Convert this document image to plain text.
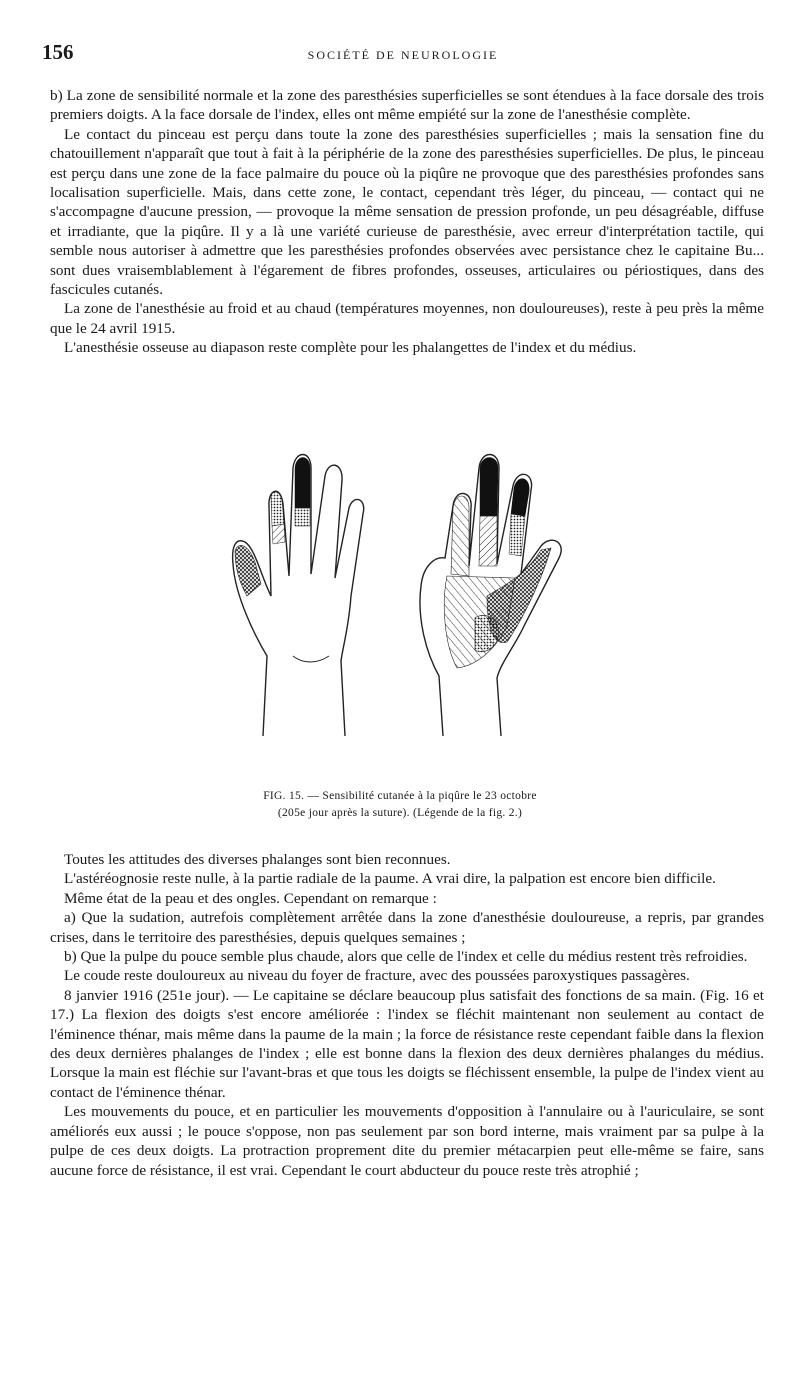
156	SOCIÉTÉ DE NEUROLOGIE

b) La zone de sensibilité normale et la zone des paresthésies superficielles se sont étendues à la face dorsale des trois premiers doigts. A la face dorsale de l'index, elles ont même empiété sur la zone de l'anesthésie complète.

Le contact du pinceau est perçu dans toute la zone des paresthésies superficielles ; mais la sensation fine du chatouillement n'apparaît que tout à fait à la périphérie de la zone des paresthésies superficielles. De plus, le pinceau est perçu dans une zone de la face palmaire du pouce où la piqûre ne provoque que des paresthésies profondes sans localisation superficielle. Mais, dans cette zone, le contact, cependant très léger, du pinceau, — contact qui ne s'accompagne d'aucune pression, — provoque la même sensation de pression profonde, un peu désagréable, diffuse et irradiante, que la piqûre. Il y a là une variété curieuse de paresthésie, avec erreur d'interprétation tactile, qui semble nous autoriser à admettre que les paresthésies profondes observées avec persistance chez le capitaine Bu... sont dues vraisemblablement à l'égarement de fibres profondes, osseuses, articulaires ou périostiques, dans des fascicules cutanés.

La zone de l'anesthésie au froid et au chaud (températures moyennes, non douloureuses), reste à peu près la même que le 24 avril 1915.

L'anesthésie osseuse au diapason reste complète pour les phalangettes de l'index et du médius.

FIG. 15. — Sensibilité cutanée à la piqûre le 23 octobre
(205e jour après la suture). (Légende de la fig. 2.)

Toutes les attitudes des diverses phalanges sont bien reconnues.

L'astéréognosie reste nulle, à la partie radiale de la paume. A vrai dire, la palpation est encore bien difficile.

Même état de la peau et des ongles. Cependant on remarque :

a) Que la sudation, autrefois complètement arrêtée dans la zone d'anesthésie douloureuse, a repris, par grandes crises, dans le territoire des paresthésies, depuis quelques semaines ;

b) Que la pulpe du pouce semble plus chaude, alors que celle de l'index et celle du médius restent très refroidies.

Le coude reste douloureux au niveau du foyer de fracture, avec des poussées paroxystiques passagères.

8 janvier 1916 (251e jour). — Le capitaine se déclare beaucoup plus satisfait des fonctions de sa main. (Fig. 16 et 17.) La flexion des doigts s'est encore améliorée : l'index se fléchit maintenant non seulement au contact de l'éminence thénar, mais même dans la paume de la main ; la force de résistance reste cependant faible dans la flexion des deux dernières phalanges de l'index ; elle est bonne dans la flexion des deux dernières phalanges du médius. Lorsque la main est fléchie sur l'avant-bras et que tous les doigts se fléchissent ensemble, la pulpe de l'index vient au contact de l'éminence thénar.

Les mouvements du pouce, et en particulier les mouvements d'opposition à l'annulaire ou à l'auriculaire, se sont améliorés eux aussi ; le pouce s'oppose, non pas seulement par son bord interne, mais vraiment par sa pulpe à la pulpe de ces deux doigts. La protraction proprement dite du premier métacarpien peut elle-même se faire, sans aucune force de résistance, il est vrai. Cependant le court abducteur du pouce reste très atrophié ;
